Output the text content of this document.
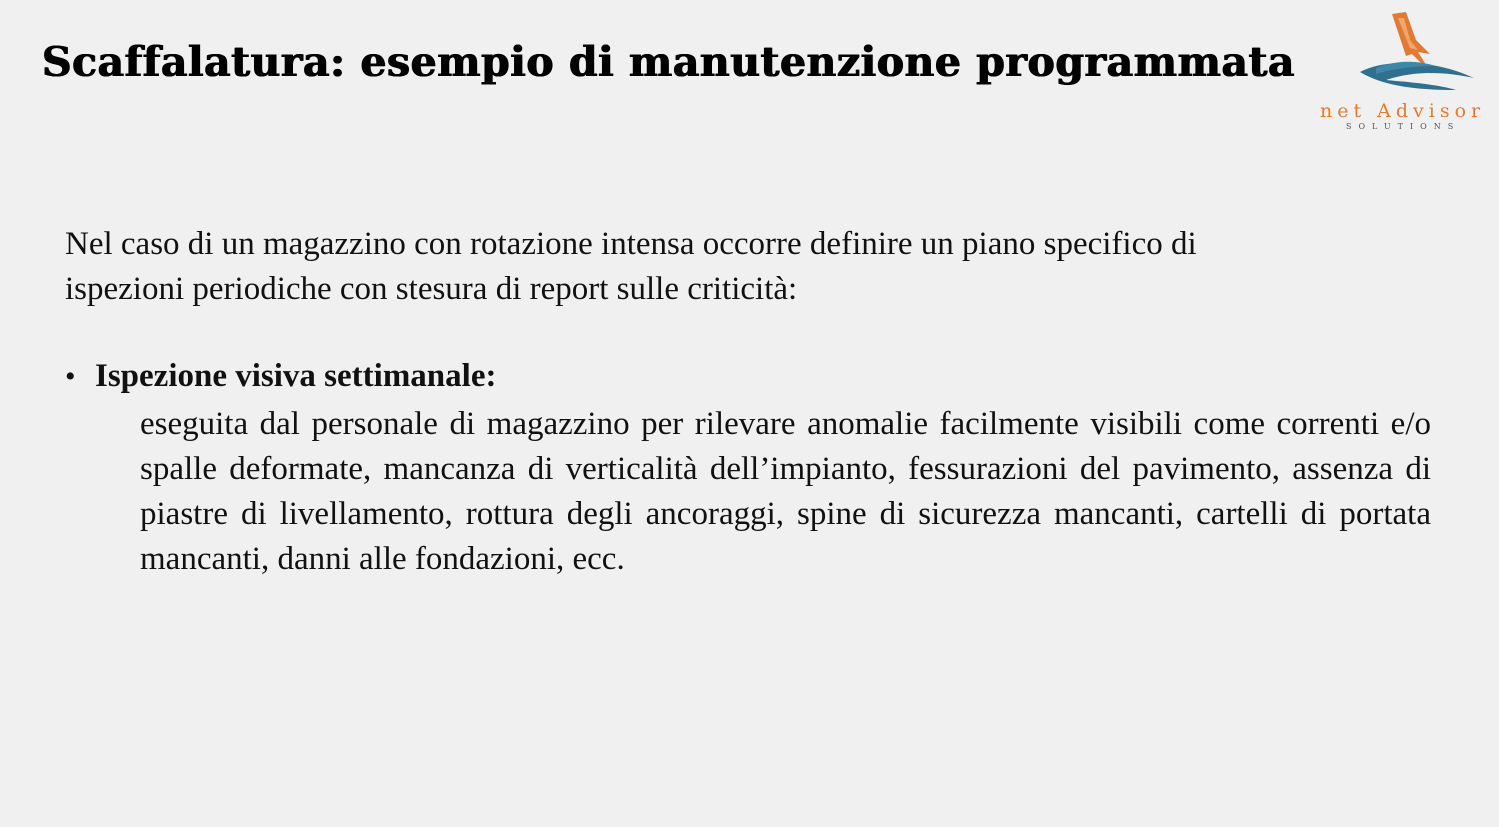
Scaffalatura: esempio di manutenzione programmata
net Advisor
SOLUTIONS

Nel caso di un magazzino con rotazione intensa occorre definire un piano specifico di ispezioni periodiche con stesura di report sulle criticità:

• Ispezione visiva settimanale:

eseguita dal personale di magazzino per rilevare anomalie facilmente visibili come correnti e/o spalle deformate, mancanza di verticalità dell’impianto, fessurazioni del pavimento, assenza di piastre di livellamento, rottura degli ancoraggi, spine di sicurezza mancanti, cartelli di portata mancanti, danni alle fondazioni, ecc.
